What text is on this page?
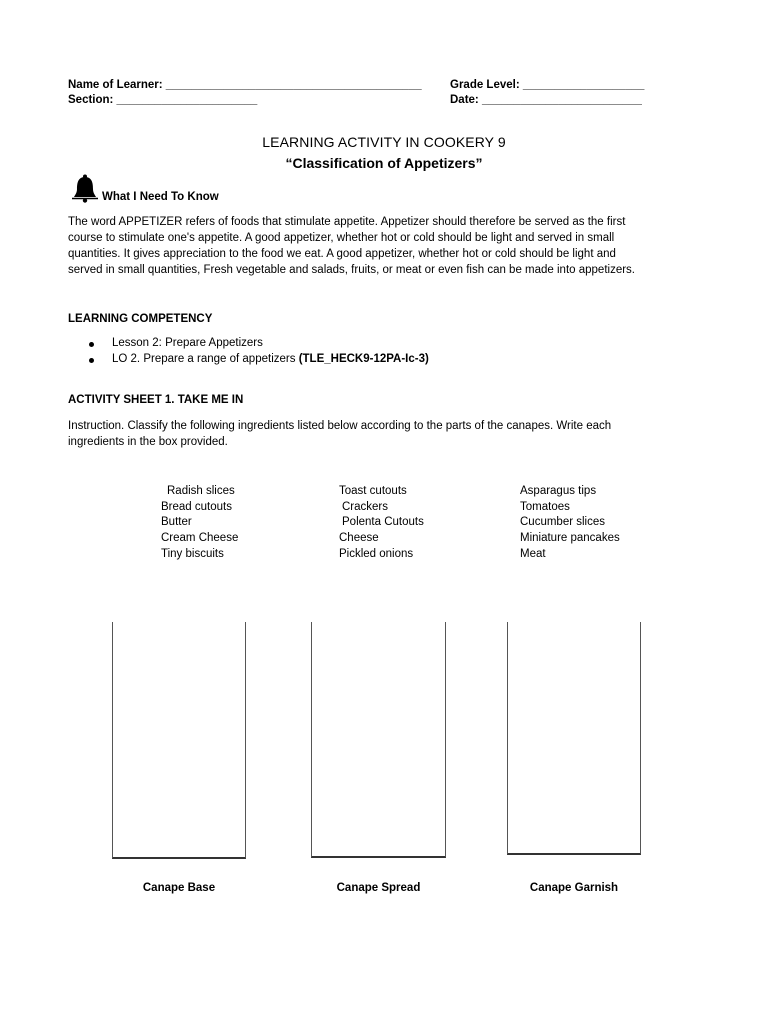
Name of Learner: ________________________________________ Grade Level: ___________________
Section: ______________________	Date: _________________________
LEARNING ACTIVITY IN COOKERY 9
“Classification of Appetizers”
What I Need To Know

The word APPETIZER refers of foods that stimulate appetite. Appetizer should therefore be served as the first

course to stimulate one's appetite. A good appetizer, whether hot or cold should be light and served in small

quantities. It gives appreciation to the food we eat. A good appetizer, whether hot or cold should be light and

served in small quantities, Fresh vegetable and salads, fruits, or meat or even fish can be made into appetizers.

LEARNING COMPETENCY
Lesson 2: Prepare Appetizers
LO 2. Prepare a range of appetizers (TLE_HECK9-12PA-Ic-3)
ACTIVITY SHEET 1. TAKE ME IN

Instruction. Classify the following ingredients listed below according to the parts of the canapes. Write each

ingredients in the box provided.

Radish slices
Bread cutouts
Butter
Cream Cheese
Tiny biscuits
Toast cutouts
Crackers
Polenta Cutouts
Cheese
Pickled onions
Asparagus tips
Tomatoes
Cucumber slices
Miniature pancakes
Meat
Canape Base	Canape Spread	Canape Garnish
